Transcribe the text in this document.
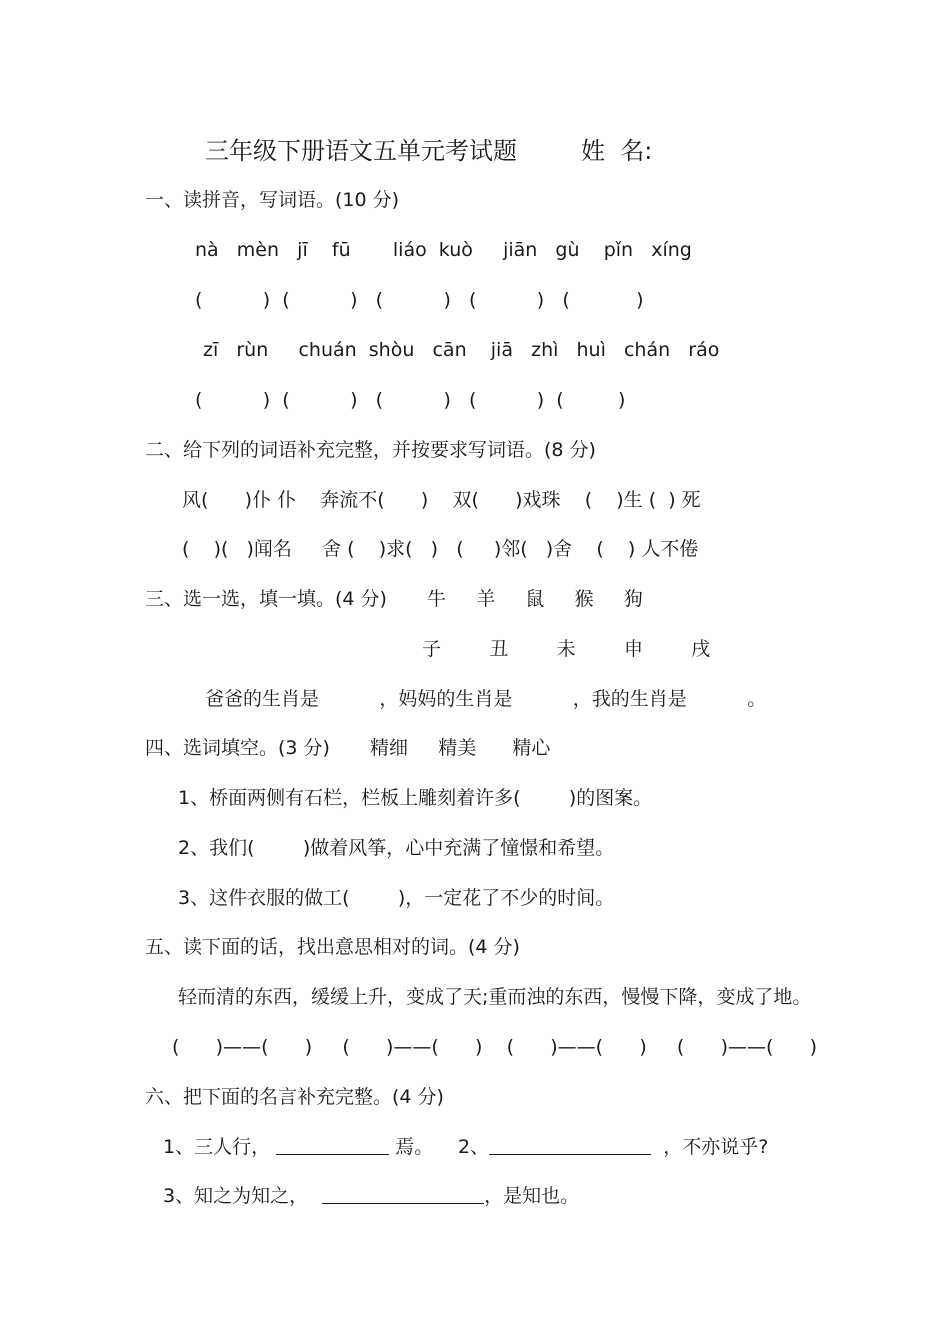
三年级下册语文五单元考试题	姓  名:
一、读拼音，写词语。(10 分)
nà   mèn   jī    fū       liáo  kuò     jiān   gù    pǐn   xíng
(          )  (          )   (          )   (          )   (           )
zī   rùn     chuán  shòu   cān    jiā   zhì   huì   chán   ráo
(          )  (          )   (          )   (          )  (         )
二、给下列的词语补充完整，并按要求写词语。(8 分)
风(      )仆 仆    奔流不(      )    双(      )戏珠    (    )生 (  ) 死
(    )(   )闻名     舍 (    )求(   )   (     )邻(   )舍    (    ) 人不倦
三、选一选，填一填。(4 分) 牛     羊     鼠     猴     狗
子        丑        未        申        戌
爸爸的生肖是          ，妈妈的生肖是          ，我的生肖是          。
四、选词填空。(3 分) 精细     精美      精心
1、桥面两侧有石栏，栏板上雕刻着许多(        )的图案。
2、我们(        )做着风筝，心中充满了憧憬和希望。
3、这件衣服的做工(        )，一定花了不少的时间。
五、读下面的话，找出意思相对的词。(4 分)
轻而清的东西，缓缓上升，变成了天;重而浊的东西，慢慢下降，变成了地。
(      )——(      )     (      )——(      )    (      )——(      )     (      )——(      )
六、把下面的名言补充完整。(4 分)
1、三人行，	焉。 2、	，不亦说乎?
3、知之为知之，	，是知也。
